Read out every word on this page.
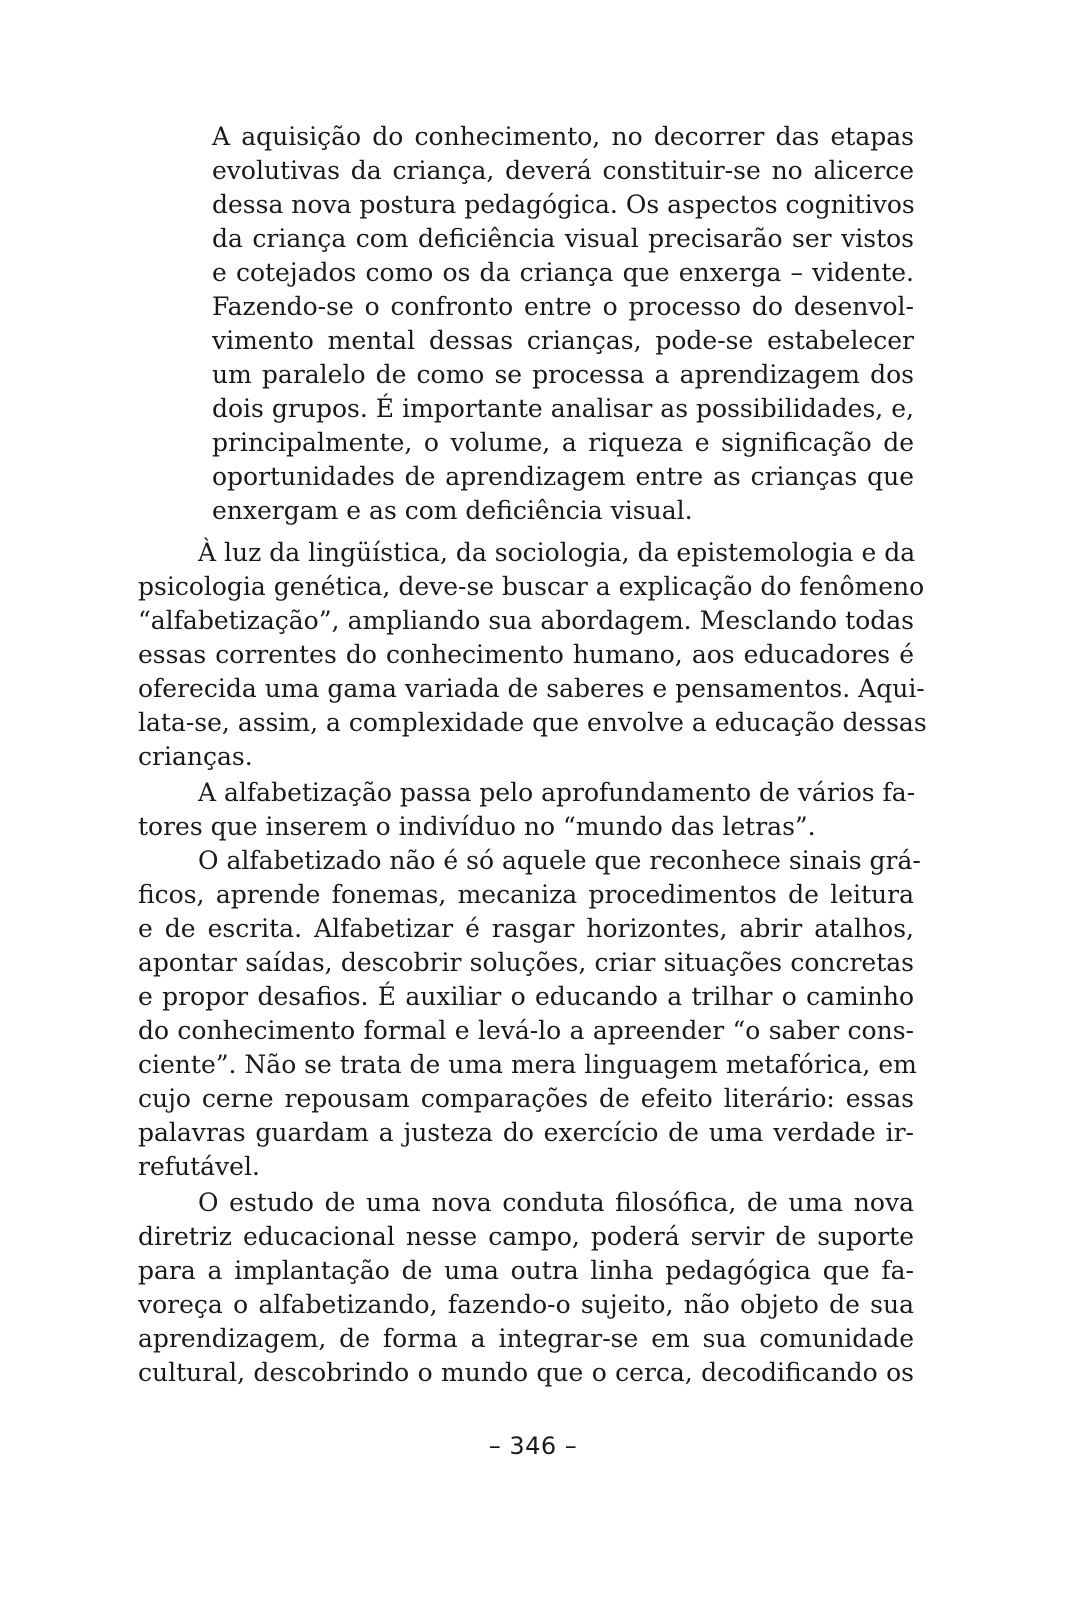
A aquisição do conhecimento, no decorrer das etapas
evolutivas da criança, deverá constituir-se no alicerce
dessa nova postura pedagógica. Os aspectos cognitivos
da criança com deficiência visual precisarão ser vistos
e cotejados como os da criança que enxerga – vidente.
Fazendo-se o confronto entre o processo do desenvol-
vimento mental dessas crianças, pode-se estabelecer
um paralelo de como se processa a aprendizagem dos
dois grupos. É importante analisar as possibilidades, e,
principalmente, o volume, a riqueza e significação de
oportunidades de aprendizagem entre as crianças que
enxergam e as com deficiência visual.
À luz da lingüística, da sociologia, da epistemologia e da
psicologia genética, deve-se buscar a explicação do fenômeno
“alfabetização”, ampliando sua abordagem. Mesclando todas
essas correntes do conhecimento humano, aos educadores é
oferecida uma gama variada de saberes e pensamentos. Aqui-
lata-se, assim, a complexidade que envolve a educação dessas
crianças.
A alfabetização passa pelo aprofundamento de vários fa-
tores que inserem o indivíduo no “mundo das letras”.
O alfabetizado não é só aquele que reconhece sinais grá-
ficos, aprende fonemas, mecaniza procedimentos de leitura
e de escrita. Alfabetizar é rasgar horizontes, abrir atalhos,
apontar saídas, descobrir soluções, criar situações concretas
e propor desafios. É auxiliar o educando a trilhar o caminho
do conhecimento formal e levá-lo a apreender “o saber cons-
ciente”. Não se trata de uma mera linguagem metafórica, em
cujo cerne repousam comparações de efeito literário: essas
palavras guardam a justeza do exercício de uma verdade ir-
refutável.
O estudo de uma nova conduta filosófica, de uma nova
diretriz educacional nesse campo, poderá servir de suporte
para a implantação de uma outra linha pedagógica que fa-
voreça o alfabetizando, fazendo-o sujeito, não objeto de sua
aprendizagem, de forma a integrar-se em sua comunidade
cultural, descobrindo o mundo que o cerca, decodificando os
– 346 –
